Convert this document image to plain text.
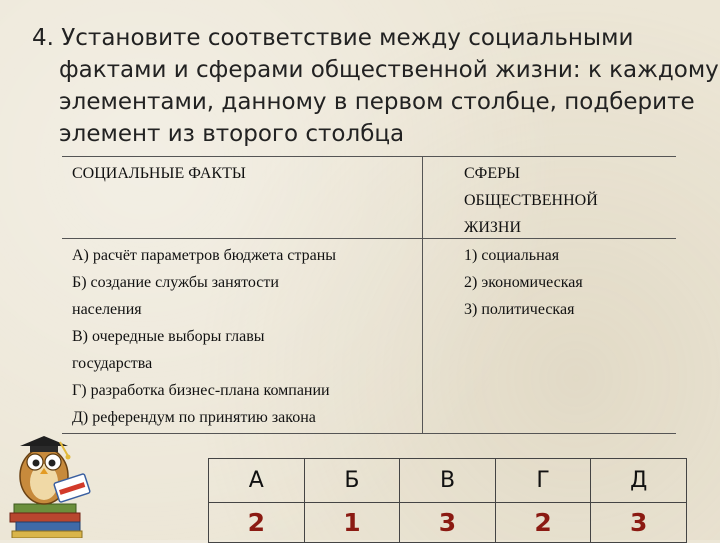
4. Установите соответствие между социальными
фактами и сферами общественной жизни: к каждому
элементами, данному в первом столбце, подберите
элемент из второго столбца
СОЦИАЛЬНЫЕ ФАКТЫ	СФЕРЫ
ОБЩЕСТВЕННОЙ
ЖИЗНИ
А) расчёт параметров бюджета страны
Б) создание службы занятости
населения
В) очередные выборы главы
государства
Г) разработка бизнес-плана компании
Д) референдум по принятию закона
1) социальная
2) экономическая
3) политическая
А	Б	В	Г	Д
2	1	3	2	3
